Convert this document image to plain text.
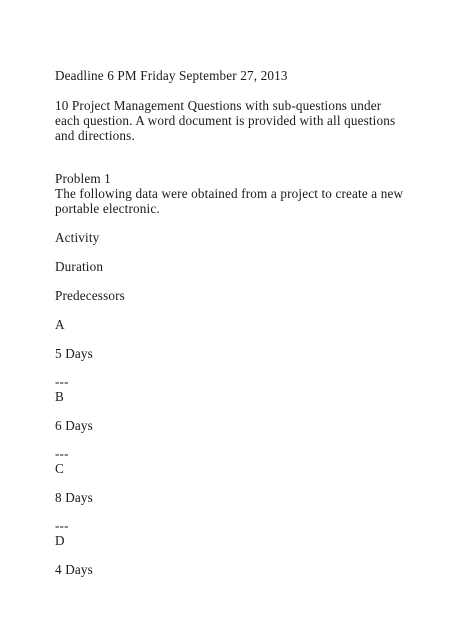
Deadline 6 PM Friday September 27, 2013

10 Project Management Questions with sub-questions under

each question. A word document is provided with all questions

and directions.

Problem 1

The following data were obtained from a project to create a new

portable electronic.

Activity

Duration

Predecessors

A

5 Days

---

B

6 Days

---

C

8 Days

---

D

4 Days
